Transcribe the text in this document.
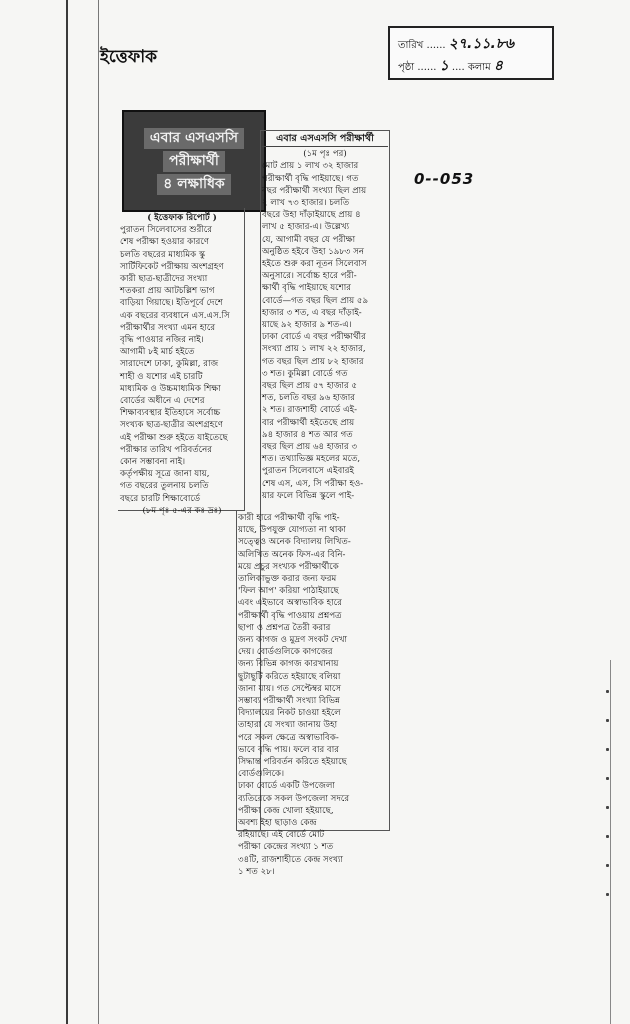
ইত্তেফাক
তারিখ ...... ২৭.১১.৮৬
পৃষ্ঠা ...... ১ .... কলাম ৪
0--053
এবার এসএসসি
পরীক্ষার্থী
৪ লক্ষাধিক

( ইত্তেফাক রিপোর্ট )

পুরাতন সিলেবাসের শুরীরে

শেষ পরীক্ষা হওয়ার কারণে

চলতি বছরের মাধ্যমিক স্কু

সার্টিফিকেট পরীক্ষায় অংশগ্রহণ

কারী ছাত্র-ছাত্রীদের সংখ্যা

শতকরা প্রায় আটচল্লিশ ভাগ

বাড়িয়া গিয়াছে। ইতিপূর্বে দেশে

এক বছরের ব্যবধানে এস.এস.সি

পরীক্ষার্থীর সংখ্যা এমন হারে

বৃদ্ধি পাওয়ার নজির নাই।

আগামী ৮ই মার্চ হইতে

সারাদেশে ঢাকা, কুমিল্লা, রাজ

শাহী ও যশোর এই চারটি

মাধ্যমিক ও উচ্চমাধ্যমিক শিক্ষা

বোর্ডের অধীনে এ দেশের

শিক্ষাব্যবস্থার ইতিহাসে সর্বোচ্চ

সংখ্যক ছাত্র-ছাত্রীর অংশগ্রহণে

এই পরীক্ষা শুরু হইতে যাইতেছে

পরীক্ষার তারিখ পরিবর্তনের

কোন সম্ভাবনা নাই।

কর্তৃপক্ষীয় সূত্রে জানা যায়,

গত বছরের তুলনায় চলতি

বছরে চারটি শিক্ষাবোর্ডে

(৮ম পৃঃ ৫-এর কঃ দ্রঃ)

এবার এসএসসি পরীক্ষার্থী

(১ম পৃঃ পর)

মোট প্রায় ১ লাখ ৩২ হাজার

পরীক্ষার্থী বৃদ্ধি পাইয়াছে। গত

বছর পরীক্ষার্থী সংখ্যা ছিল প্রায়

২ লাখ ৭৩ হাজার। চলতি

বছরে উহা দাঁড়াইয়াছে প্রায় ৪

লাখ ৫ হাজার-এ। উল্লেখ্য

যে, আগামী বছর যে পরীক্ষা

অনুষ্ঠিত হইবে উহা ১৯৮৩ সন

হইতে শুরু করা নূতন সিলেবাস

অনুসারে। সর্বোচ্চ হারে পরী-

ক্ষার্থী বৃদ্ধি পাইয়াছে যশোর

বোর্ডে—গত বছর ছিল প্রায় ৫৯

হাজার ৩ শত, এ বছর দাঁড়াই-

য়াছে ৯২ হাজার ৯ শত-এ।

ঢাকা বোর্ডে এ বছর পরীক্ষার্থীর

সংখ্যা প্রায় ১ লাখ ২২ হাজার,

গত বছর ছিল প্রায় ৮২ হাজার

৩ শত। কুমিল্লা বোর্ডে গত

বছর ছিল প্রায় ৫৭ হাজার ৫

শত, চলতি বছর ৯৬ হাজার

২ শত। রাজশাহী বোর্ডে এই-

বার পরীক্ষার্থী হইতেছে প্রায়

৯৪ হাজার ৪ শত আর গত

বছর ছিল প্রায় ৬৪ হাজার ৩

শত। তথ্যাভিজ্ঞ মহলের মতে,

পুরাতন সিলেবাসে এইবারই

শেষ এস, এস, সি পরীক্ষা হও-

য়ার ফলে বিভিন্ন স্কুলে পাই-

কারী হারে পরীক্ষার্থী বৃদ্ধি পাই-

য়াছে, উপযুক্ত যোগ্যতা না থাকা

সত্ত্বেও অনেক বিদ্যালয় লিখিত-

অলিখিত অনেক ফিস-এর বিনি-

ময়ে প্রচুর সংখ্যক পরীক্ষার্থীকে

তালিকাভুক্ত করার জন্য ফরম

'ফিল আপ' করিয়া পাঠাইয়াছে

এবং এইভাবে অস্বাভাবিক হারে

পরীক্ষার্থী বৃদ্ধি পাওয়ায় প্রশ্নপত্র

ছাপা ও প্রশ্নপত্র তৈরী করার

জন্য কাগজ ও মুদ্রণ সংকট দেখা

দেয়। বোর্ডগুলিকে কাগজের

জন্য বিভিন্ন কাগজ কারখানায়

ছুটাছুটি করিতে হইয়াছে বলিয়া

জানা যায়। গত সেপ্টেম্বর মাসে

সম্ভাব্য পরীক্ষার্থী সংখ্যা বিভিন্ন

বিদ্যালয়ের নিকট চাওয়া হইলে

তাহারা যে সংখ্যা জানায় উহা

পরে সকল ক্ষেত্রে অস্বাভাবিক-

ভাবে বৃদ্ধি পায়। ফলে বার বার

সিদ্ধান্ত পরিবর্তন করিতে হইয়াছে

বোর্ডগুলিকে।

ঢাকা বোর্ডে একটি উপজেলা

ব্যতিরেকে সকল উপজেলা সদরে

পরীক্ষা কেন্দ্র খোলা হইয়াছে,

অবশ্য ইহা ছাড়াও কেন্দ্র

রহিয়াছে। এই বোর্ডে মোট

পরীক্ষা কেন্দ্রের সংখ্যা ১ শত

৩৪টি, রাজশাহীতে কেন্দ্র সংখ্যা

১ শত ২৮।
